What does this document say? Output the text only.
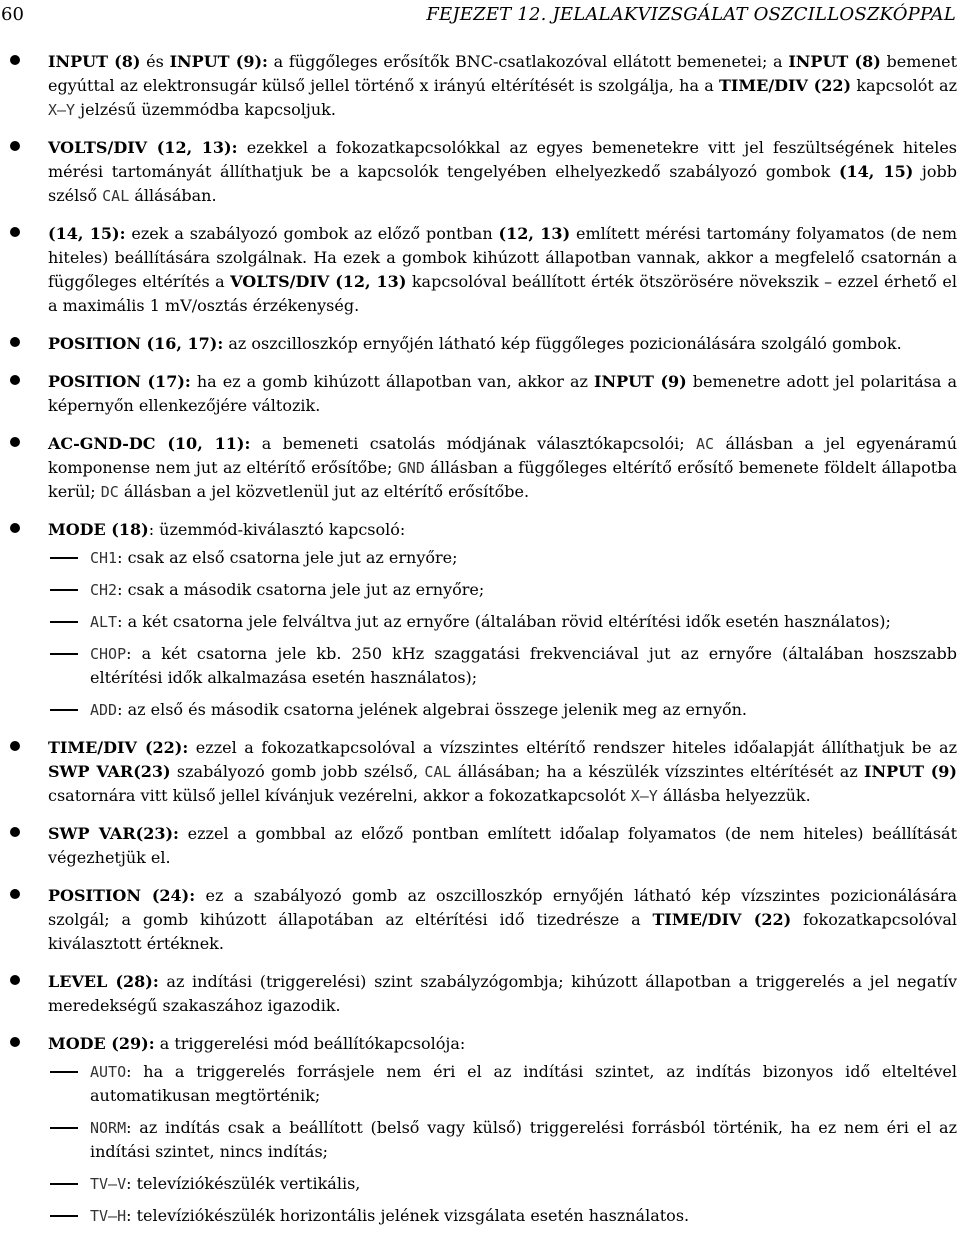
60	FEJEZET 12. JELALAKVIZSGÁLAT OSZCILLOSZKÓPPAL
INPUT (8) és INPUT (9): a függőleges erősítők BNC-csatlakozóval ellátott bemenetei; a INPUT (8) bemenet egyúttal az elektronsugár külső jellel történő x irányú eltérítését is szolgálja, ha a TIME/DIV (22) kapcsolót az X–Y jelzésű üzemmódba kapcsoljuk.
VOLTS/DIV (12, 13): ezekkel a fokozatkapcsolókkal az egyes bemenetekre vitt jel feszültségének hiteles mérési tartományát állíthatjuk be a kapcsolók tengelyében elhelyezkedő szabályozó gombok (14, 15) jobb szélső CAL állásában.
(14, 15): ezek a szabályozó gombok az előző pontban (12, 13) említett mérési tartomány folyamatos (de nem hiteles) beállítására szolgálnak. Ha ezek a gombok kihúzott állapotban vannak, akkor a megfelelő csatornán a függőleges eltérítés a VOLTS/DIV (12, 13) kapcsolóval beállított érték ötszörösére növekszik – ezzel érhető el a maximális 1 mV/osztás érzékenység.
POSITION (16, 17): az oszcilloszkóp ernyőjén látható kép függőleges pozicionálására szolgáló gombok.
POSITION (17): ha ez a gomb kihúzott állapotban van, akkor az INPUT (9) bemenetre adott jel polaritása a képernyőn ellenkezőjére változik.
AC-GND-DC (10, 11): a bemeneti csatolás módjának választókapcsolói; AC állásban a jel egyenáramú komponense nem jut az eltérítő erősítőbe; GND állásban a függőleges eltérítő erősítő bemenete földelt állapotba kerül; DC állásban a jel közvetlenül jut az eltérítő erősítőbe.
MODE (18): üzemmód-kiválasztó kapcsoló:
CH1: csak az első csatorna jele jut az ernyőre;
CH2: csak a második csatorna jele jut az ernyőre;
ALT: a két csatorna jele felváltva jut az ernyőre (általában rövid eltérítési idők esetén használatos);
CHOP: a két csatorna jele kb. 250 kHz szaggatási frekvenciával jut az ernyőre (általában hoszszabb eltérítési idők alkalmazása esetén használatos);
ADD: az első és második csatorna jelének algebrai összege jelenik meg az ernyőn.
TIME/DIV (22): ezzel a fokozatkapcsolóval a vízszintes eltérítő rendszer hiteles időalapját állíthatjuk be az SWP VAR(23) szabályozó gomb jobb szélső, CAL állásában; ha a készülék vízszintes eltérítését az INPUT (9) csatornára vitt külső jellel kívánjuk vezérelni, akkor a fokozatkapcsolót X–Y állásba helyezzük.
SWP VAR(23): ezzel a gombbal az előző pontban említett időalap folyamatos (de nem hiteles) beállítását végezhetjük el.
POSITION (24): ez a szabályozó gomb az oszcilloszkóp ernyőjén látható kép vízszintes pozicionálására szolgál; a gomb kihúzott állapotában az eltérítési idő tizedrésze a TIME/DIV (22) fokozatkapcsolóval kiválasztott értéknek.
LEVEL (28): az indítási (triggerelési) szint szabályzógombja; kihúzott állapotban a triggerelés a jel negatív meredekségű szakaszához igazodik.
MODE (29): a triggerelési mód beállítókapcsolója:
AUTO: ha a triggerelés forrásjele nem éri el az indítási szintet, az indítás bizonyos idő elteltével automatikusan megtörténik;
NORM: az indítás csak a beállított (belső vagy külső) triggerelési forrásból történik, ha ez nem éri el az indítási szintet, nincs indítás;
TV–V: televíziókészülék vertikális,
TV–H: televíziókészülék horizontális jelének vizsgálata esetén használatos.
